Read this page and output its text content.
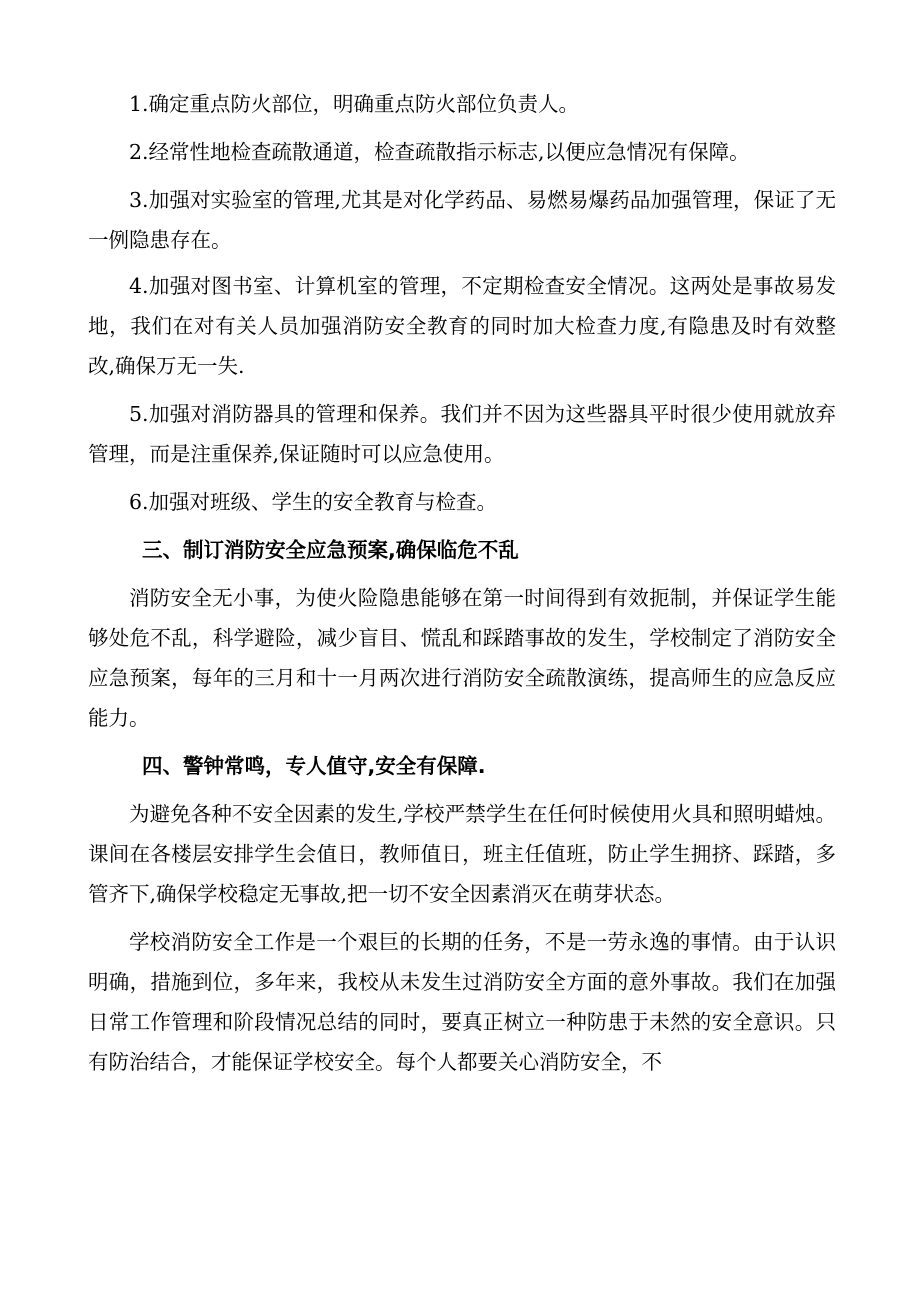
1.确定重点防火部位，明确重点防火部位负责人。

2.经常性地检查疏散通道，检查疏散指示标志,以便应急情况有保障。

3.加强对实验室的管理,尤其是对化学药品、易燃易爆药品加强管理，保证了无一例隐患存在。

4.加强对图书室、计算机室的管理，不定期检查安全情况。这两处是事故易发地，我们在对有关人员加强消防安全教育的同时加大检查力度,有隐患及时有效整改,确保万无一失.

5.加强对消防器具的管理和保养。我们并不因为这些器具平时很少使用就放弃管理，而是注重保养,保证随时可以应急使用。

6.加强对班级、学生的安全教育与检查。

三、制订消防安全应急预案,确保临危不乱

消防安全无小事，为使火险隐患能够在第一时间得到有效扼制，并保证学生能够处危不乱，科学避险，减少盲目、慌乱和踩踏事故的发生，学校制定了消防安全应急预案，每年的三月和十一月两次进行消防安全疏散演练，提高师生的应急反应能力。

四、警钟常鸣，专人值守,安全有保障.

为避免各种不安全因素的发生,学校严禁学生在任何时候使用火具和照明蜡烛。课间在各楼层安排学生会值日，教师值日，班主任值班，防止学生拥挤、踩踏，多管齐下,确保学校稳定无事故,把一切不安全因素消灭在萌芽状态。

学校消防安全工作是一个艰巨的长期的任务，不是一劳永逸的事情。由于认识明确，措施到位，多年来，我校从未发生过消防安全方面的意外事故。我们在加强日常工作管理和阶段情况总结的同时，要真正树立一种防患于未然的安全意识。只有防治结合，才能保证学校安全。每个人都要关心消防安全，不
